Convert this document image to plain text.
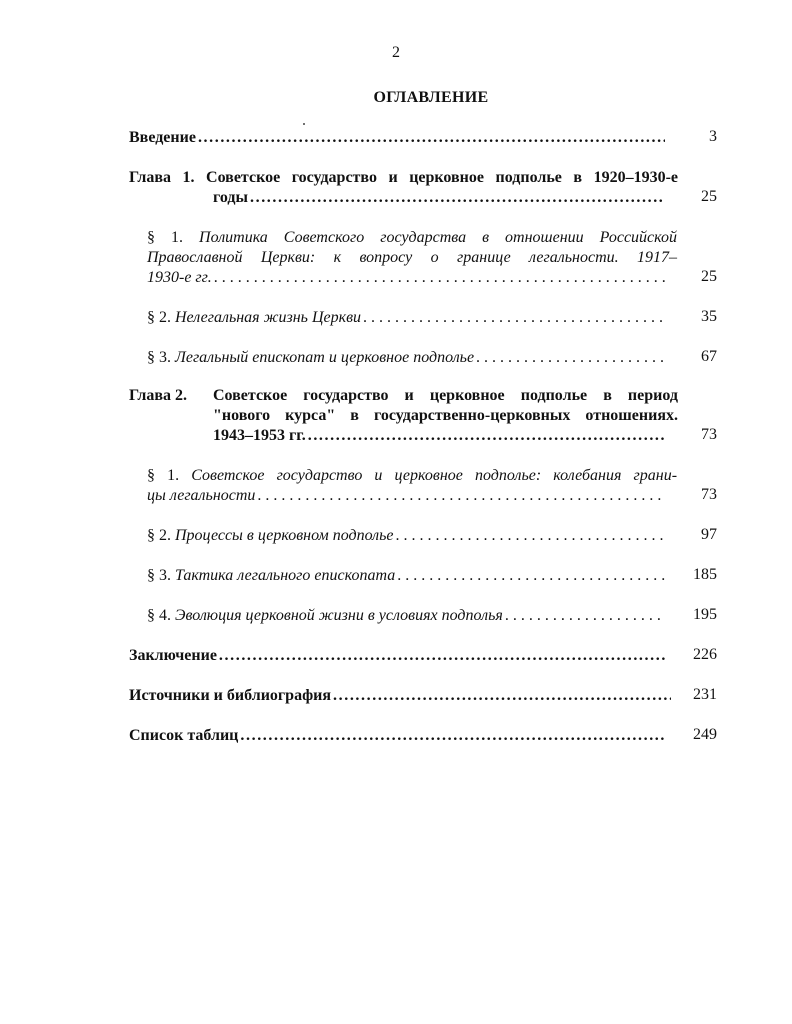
2
ОГЛАВЛЕНИЕ
Введение .....	3
Глава 1. Советское государство и церковное подполье в 1920–1930-е
годы .....	25
§ 1. Политика Советского государства в отношении Российской
Православной Церкви: к вопросу о границе легальности. 1917–
1930-е гг. . . .	25
§ 2. Нелегальная жизнь Церкви . . .	35
§ 3. Легальный епископат и церковное подполье . . .	67
Глава 2.	Советское государство и церковное подполье в период
"нового курса" в государственно-церковных отношениях.
1943–1953 гг. .....	73
§ 1. Советское государство и церковное подполье: колебания грани-
цы легальности . . .	73
§ 2. Процессы в церковном подполье . . .	97
§ 3. Тактика легального епископата . . .	185
§ 4. Эволюция церковной жизни в условиях подполья . . .	195
Заключение .....	226
Источники и библиография .....	231
Список таблиц .....	249
